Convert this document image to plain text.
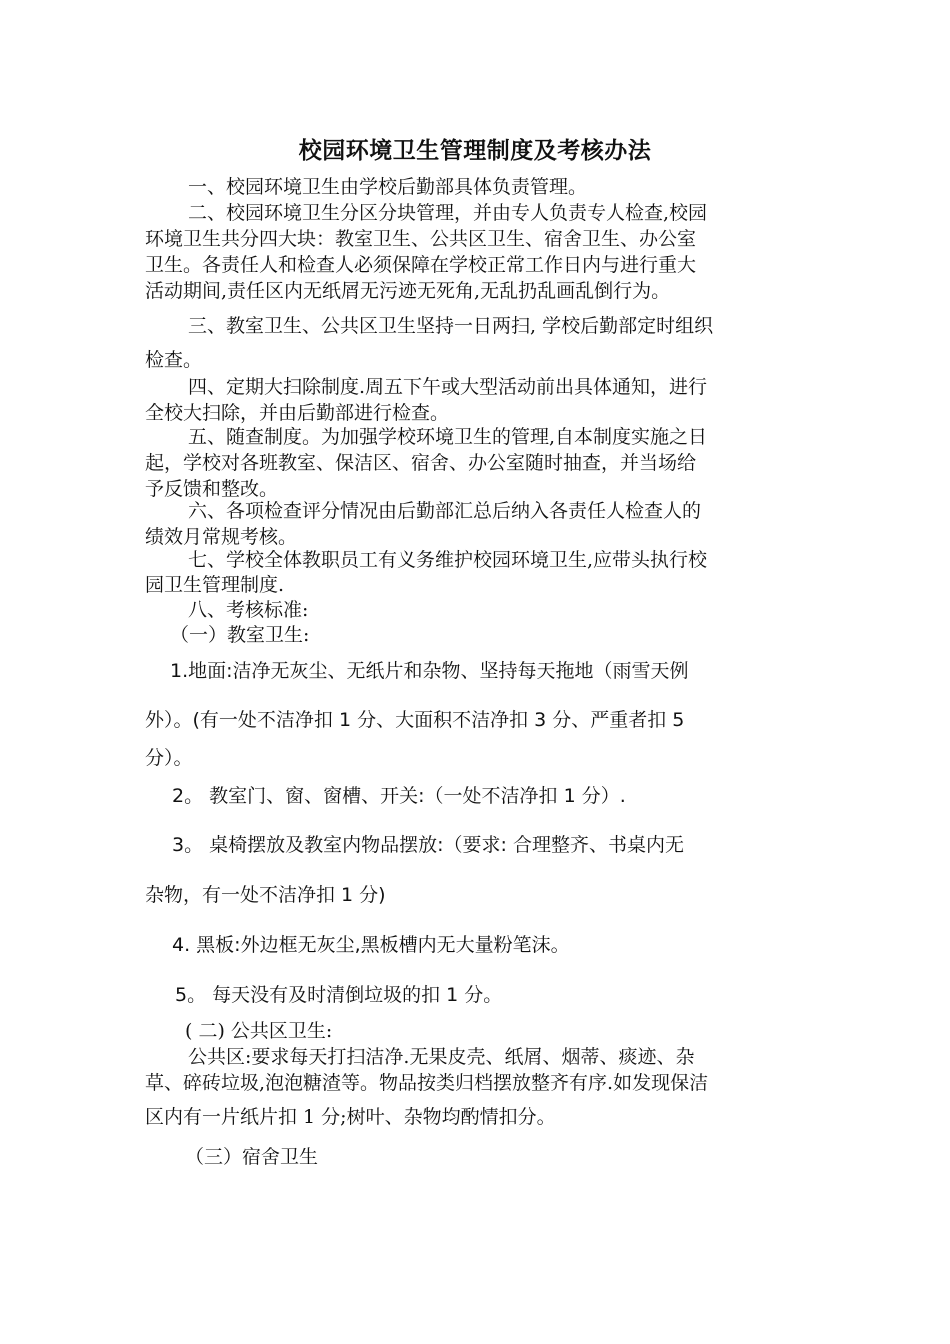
校园环境卫生管理制度及考核办法
一、校园环境卫生由学校后勤部具体负责管理。
二、校园环境卫生分区分块管理，并由专人负责专人检查,校园
环境卫生共分四大块：教室卫生、公共区卫生、宿舍卫生、办公室
卫生。各责任人和检查人必须保障在学校正常工作日内与进行重大
活动期间,责任区内无纸屑无污迹无死角,无乱扔乱画乱倒行为。
三、教室卫生、公共区卫生坚持一日两扫, 学校后勤部定时组织
检查。
四、定期大扫除制度.周五下午或大型活动前出具体通知，进行
全校大扫除，并由后勤部进行检查。
五、随查制度。为加强学校环境卫生的管理,自本制度实施之日
起，学校对各班教室、保洁区、宿舍、办公室随时抽查，并当场给
予反馈和整改。
六、各项检查评分情况由后勤部汇总后纳入各责任人检查人的
绩效月常规考核。
七、学校全体教职员工有义务维护校园环境卫生,应带头执行校
园卫生管理制度.
八、考核标准:
（一）教室卫生:
1.地面:洁净无灰尘、无纸片和杂物、坚持每天拖地（雨雪天例
外）。(有一处不洁净扣 1 分、大面积不洁净扣 3 分、严重者扣 5
分）。
2。 教室门、窗、窗槽、开关:（一处不洁净扣 1 分）.
3。 桌椅摆放及教室内物品摆放:（要求: 合理整齐、书桌内无
杂物，有一处不洁净扣 1 分)
4. 黑板:外边框无灰尘,黑板槽内无大量粉笔沫。
5。 每天没有及时清倒垃圾的扣 1 分。
( 二) 公共区卫生:
公共区:要求每天打扫洁净.无果皮壳、纸屑、烟蒂、痰迹、杂
草、碎砖垃圾,泡泡糖渣等。物品按类归档摆放整齐有序.如发现保洁
区内有一片纸片扣 1 分;树叶、杂物均酌情扣分。
（三）宿舍卫生
